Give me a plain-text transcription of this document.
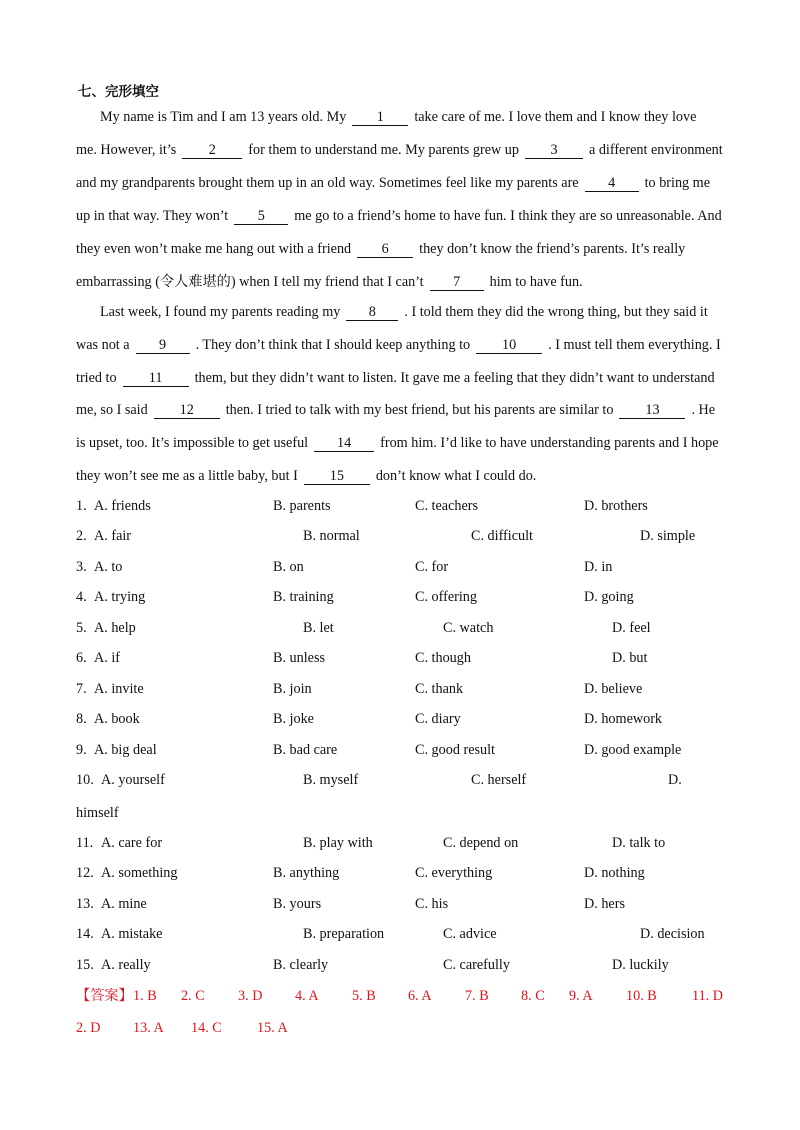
七、完形填空
My name is Tim and I am 13 years old. My 1 take care of me. I love them and I know they love
me. However, it’s 2 for them to understand me. My parents grew up 3 a different environment
and my grandparents brought them up in an old way. Sometimes feel like my parents are 4 to bring me
up in that way. They won’t 5 me go to a friend’s home to have fun. I think they are so unreasonable. And
they even won’t make me hang out with a friend 6 they don’t know the friend’s parents. It’s really
embarrassing (令人难堪的) when I tell my friend that I can’t 7 him to have fun.
Last week, I found my parents reading my 8 . I told them they did the wrong thing, but they said it
was not a 9 . They don’t think that I should keep anything to 10 . I must tell them everything. I
tried to 11 them, but they didn’t want to listen. It gave me a feeling that they didn’t want to understand
me, so I said 12 then. I tried to talk with my best friend, but his parents are similar to 13 . He
is upset, too. It’s impossible to get useful 14 from him. I’d like to have understanding parents and I hope
they won’t see me as a little baby, but I 15 don’t know what I could do.
1. A. friends	B. parents	C. teachers	D. brothers
2. A. fair	B. normal	C. difficult	D. simple
3. A. to	B. on	C. for	D. in
4. A. trying	B. training	C. offering	D. going
5. A. help	B. let	C. watch	D. feel
6. A. if	B. unless	C. though	D. but
7. A. invite	B. join	C. thank	D. believe
8. A. book	B. joke	C. diary	D. homework
9. A. big deal	B. bad care	C. good result	D. good example
10. A. yourself	B. myself	C. herself	D.
himself
11. A. care for	B. play with	C. depend on	D. talk to
12. A. something	B. anything	C. everything	D. nothing
13. A. mine	B. yours	C. his	D. hers
14. A. mistake	B. preparation	C. advice	D. decision
15. A. really	B. clearly	C. carefully	D. luckily
【答案】 1. B 2. C 3. D 4. A 5. B 6. A 7. B 8. C 9. A 10. B 11. D
2. D 13. A 14. C 15. A
